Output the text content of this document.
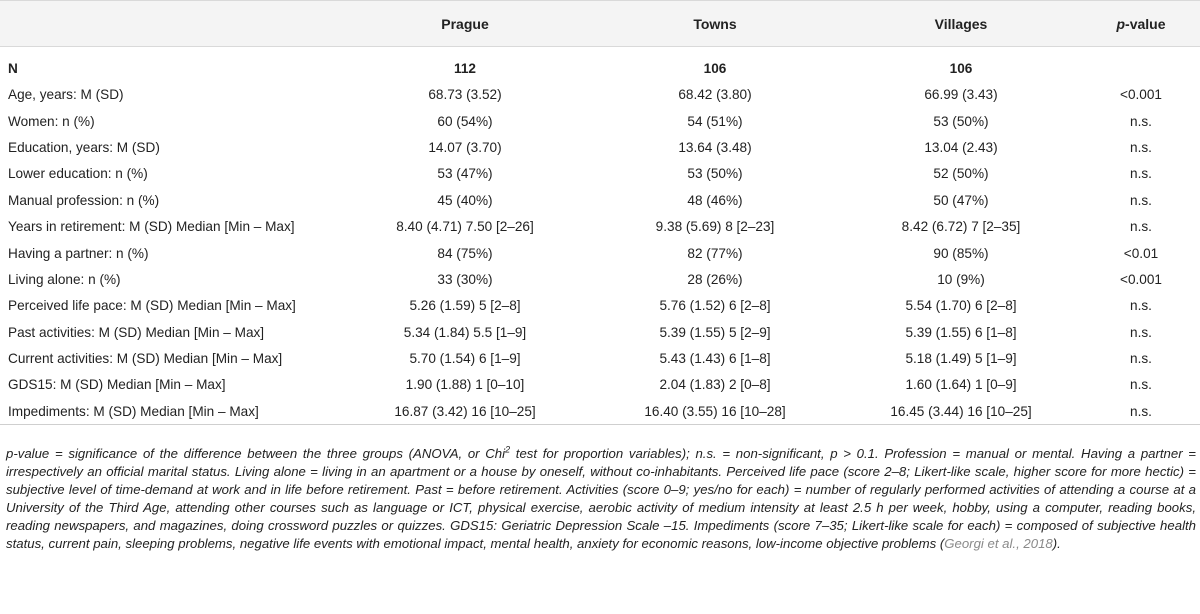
	Prague	Towns	Villages	p-value
N	112	106	106	
Age, years: M (SD)	68.73 (3.52)	68.42 (3.80)	66.99 (3.43)	<0.001
Women: n (%)	60 (54%)	54 (51%)	53 (50%)	n.s.
Education, years: M (SD)	14.07 (3.70)	13.64 (3.48)	13.04 (2.43)	n.s.
Lower education: n (%)	53 (47%)	53 (50%)	52 (50%)	n.s.
Manual profession: n (%)	45 (40%)	48 (46%)	50 (47%)	n.s.
Years in retirement: M (SD) Median [Min – Max]	8.40 (4.71) 7.50 [2–26]	9.38 (5.69) 8 [2–23]	8.42 (6.72) 7 [2–35]	n.s.
Having a partner: n (%)	84 (75%)	82 (77%)	90 (85%)	<0.01
Living alone: n (%)	33 (30%)	28 (26%)	10 (9%)	<0.001
Perceived life pace: M (SD) Median [Min – Max]	5.26 (1.59) 5 [2–8]	5.76 (1.52) 6 [2–8]	5.54 (1.70) 6 [2–8]	n.s.
Past activities: M (SD) Median [Min – Max]	5.34 (1.84) 5.5 [1–9]	5.39 (1.55) 5 [2–9]	5.39 (1.55) 6 [1–8]	n.s.
Current activities: M (SD) Median [Min – Max]	5.70 (1.54) 6 [1–9]	5.43 (1.43) 6 [1–8]	5.18 (1.49) 5 [1–9]	n.s.
GDS15: M (SD) Median [Min – Max]	1.90 (1.88) 1 [0–10]	2.04 (1.83) 2 [0–8]	1.60 (1.64) 1 [0–9]	n.s.
Impediments: M (SD) Median [Min – Max]	16.87 (3.42) 16 [10–25]	16.40 (3.55) 16 [10–28]	16.45 (3.44) 16 [10–25]	n.s.
p-value = significance of the difference between the three groups (ANOVA, or Chi$^2$ test for proportion variables); n.s. = non-significant, p > 0.1. Profession = manual or mental. Having a partner = irrespectively an official marital status. Living alone = living in an apartment or a house by oneself, without co-inhabitants. Perceived life pace (score 2–8; Likert-like scale, higher score for more hectic) = subjective level of time-demand at work and in life before retirement. Past = before retirement. Activities (score 0–9; yes/no for each) = number of regularly performed activities of attending a course at a University of the Third Age, attending other courses such as language or ICT, physical exercise, aerobic activity of medium intensity at least 2.5 h per week, hobby, using a computer, reading books, reading newspapers, and magazines, doing crossword puzzles or quizzes. GDS15: Geriatric Depression Scale –15. Impediments (score 7–35; Likert-like scale for each) = composed of subjective health status, current pain, sleeping problems, negative life events with emotional impact, mental health, anxiety for economic reasons, low-income objective problems (Georgi et al., 2018).
